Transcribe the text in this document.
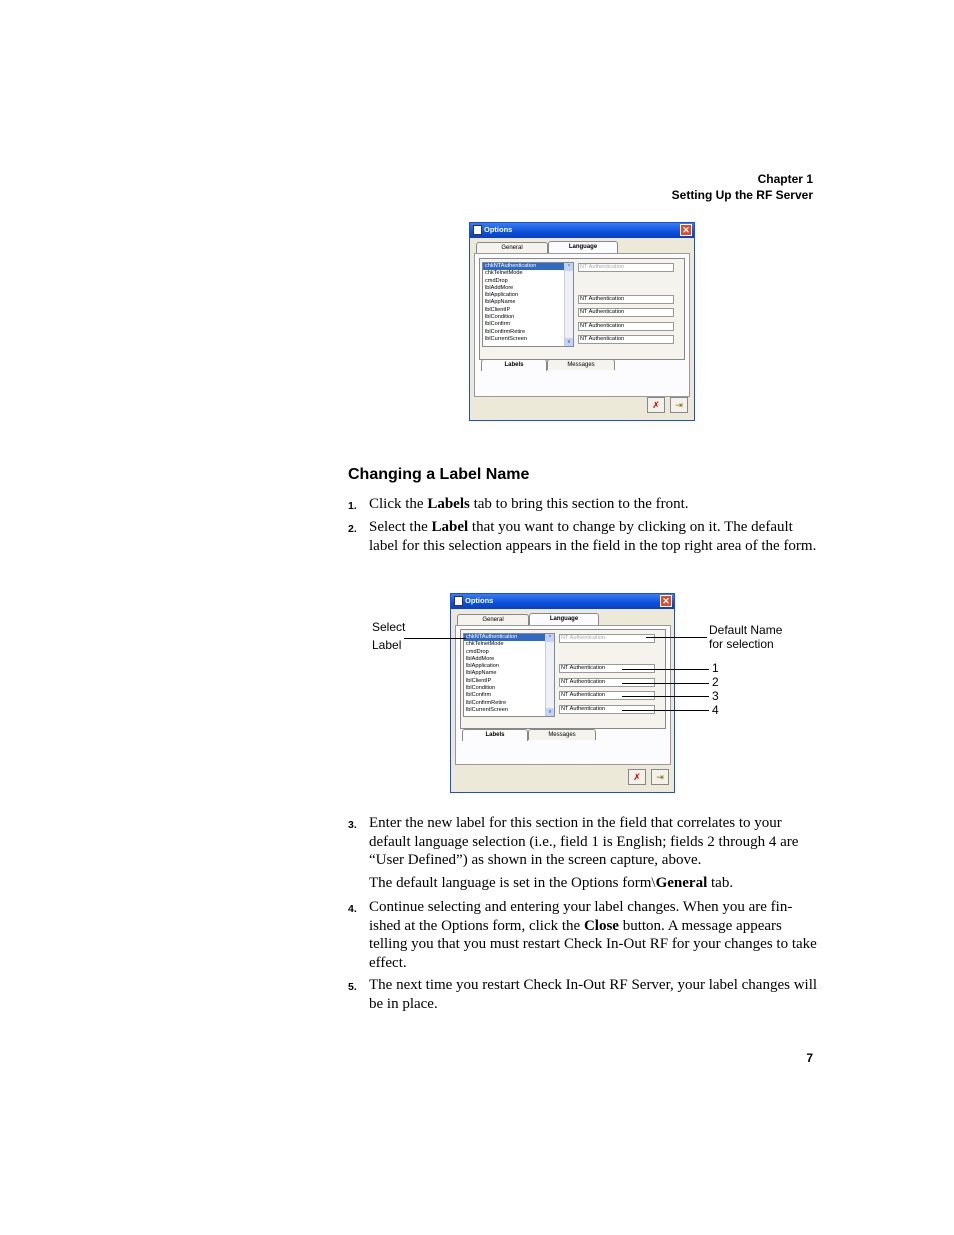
Chapter 1
Setting Up the RF Server
Options	✕
General	Language
chkNTAuthentication
chkTelnetMode
cmdDrop
lblAddMore
lblApplication
lblAppName
lblClientIP
lblCondition
lblConfirm
lblConfirmRetire
lblCurrentScreen
^
v
NT Authentication
NT Authentication
NT Authentication
NT Authentication
NT Authentication
Labels	Messages
✗	⇥
Changing a Label Name
1. Click the Labels tab to bring this section to the front.
2. Select the Label that you want to change by clicking on it. The default label for this selection appears in the field in the top right area of the form.
Options	✕
General	Language
chkNTAuthentication
chkTelnetMode
cmdDrop
lblAddMore
lblApplication
lblAppName
lblClientIP
lblCondition
lblConfirm
lblConfirmRetire
lblCurrentScreen
^
v
NT Authentication
NT Authentication
NT Authentication
NT Authentication
NT Authentication
Labels	Messages
✗	⇥
Select
Label
Default Name
for selection
1
2
3
4
3. Enter the new label for this section in the field that correlates to your default language selection (i.e., field 1 is English; fields 2 through 4 are “User Defined”) as shown in the screen capture, above.
The default language is set in the Options form\General tab.
4. Continue selecting and entering your label changes. When you are fin-ished at the Options form, click the Close button. A message appears telling you that you must restart Check In-Out RF for your changes to take effect.
5. The next time you restart Check In-Out RF Server, your label changes will be in place.
7
